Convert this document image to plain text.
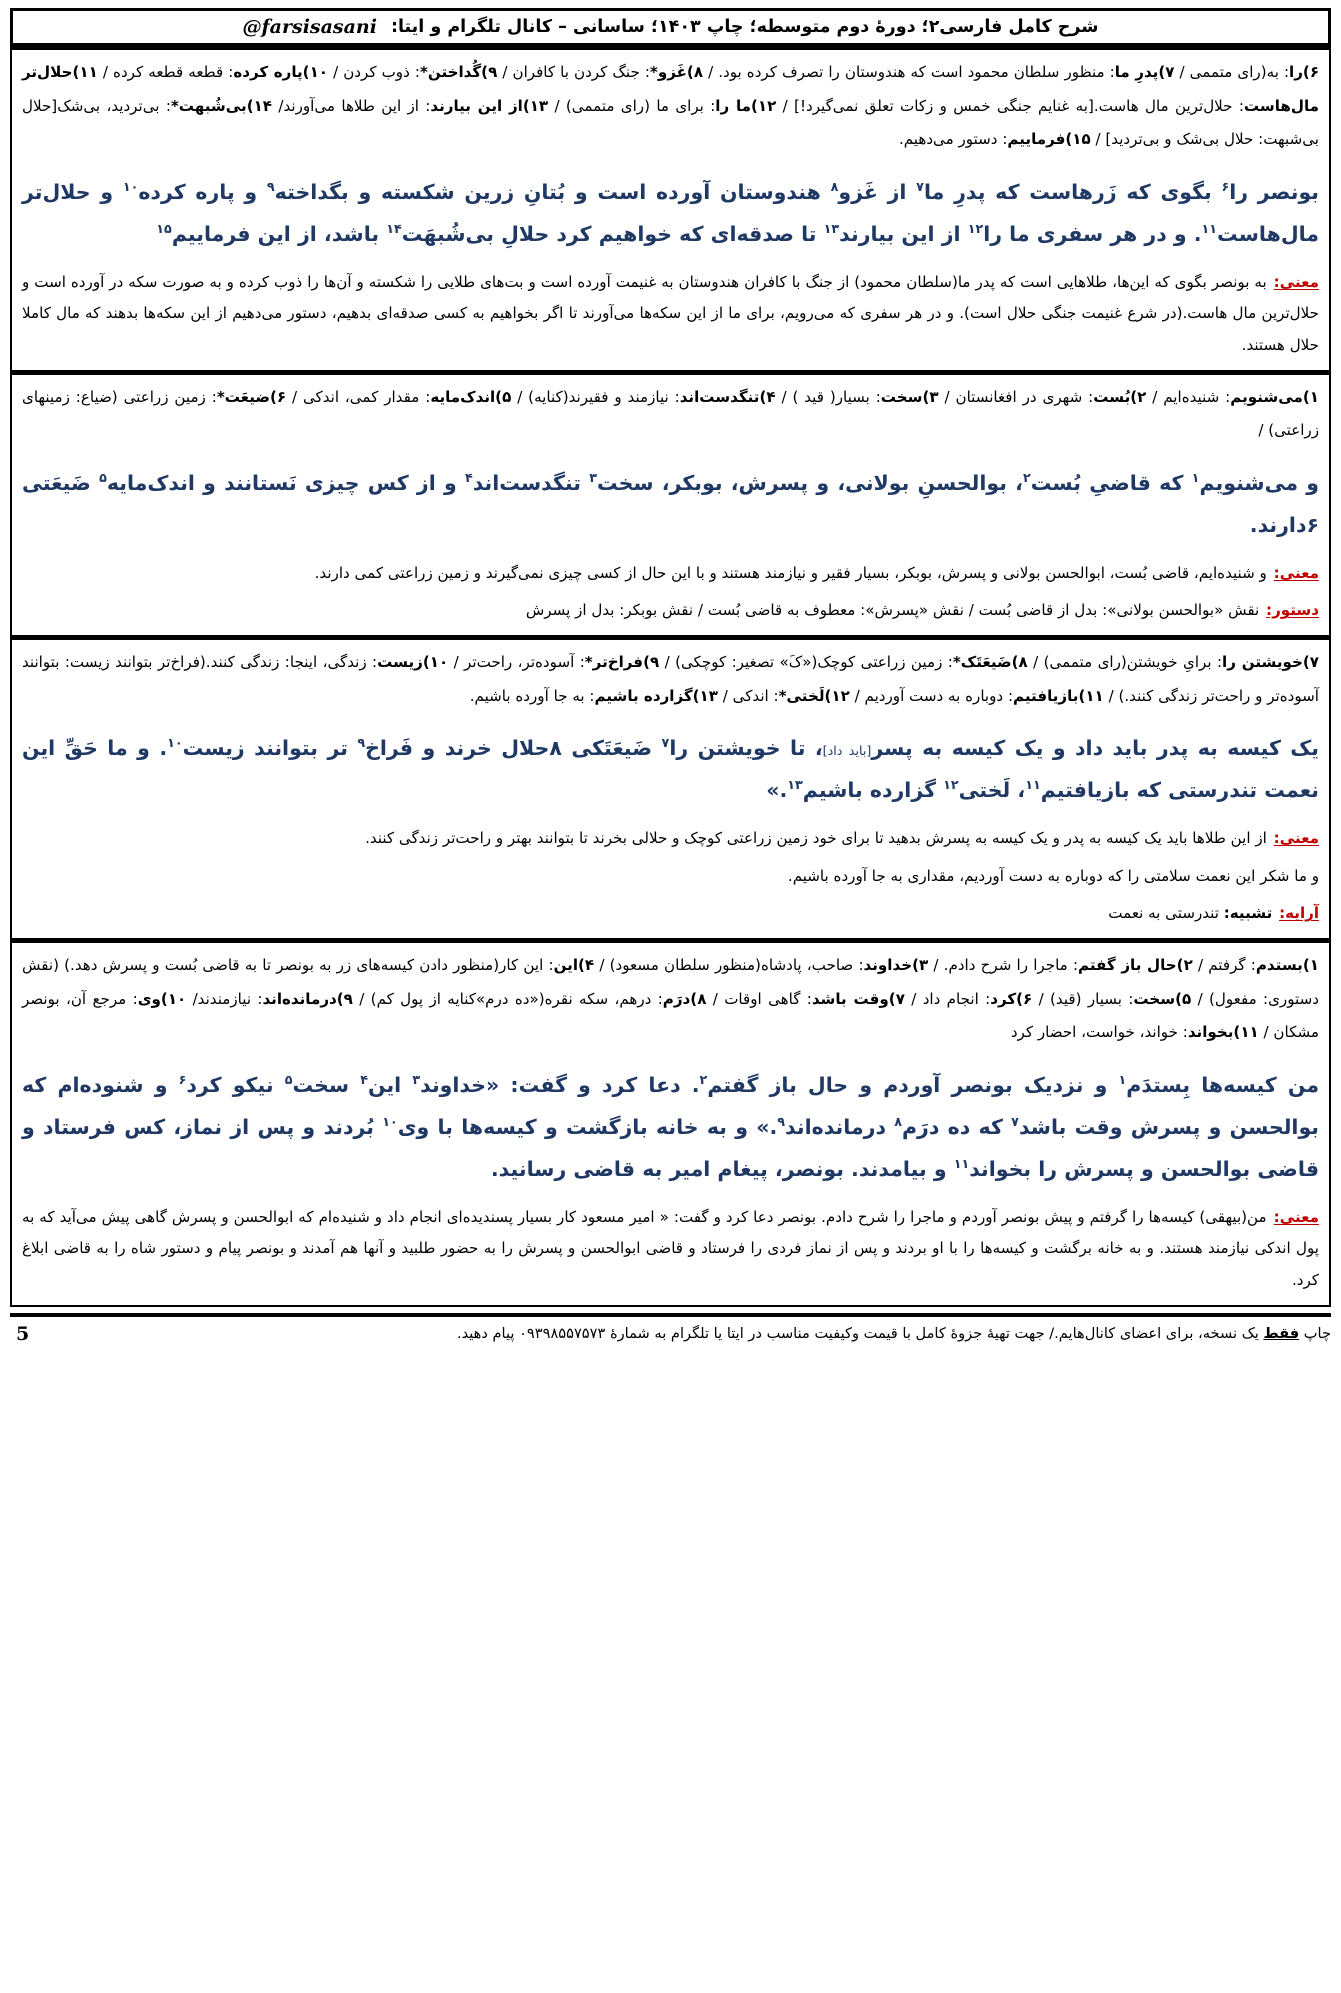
شرح کامل فارسی۲؛ دورهٔ دوم متوسطه؛ چاپ ۱۴۰۳؛ ساسانی – کانال تلگرام و ایتا:
@farsisasani
۶)را: به‌(رای متممی / ۷)پدرِ ما: منظور سلطان محمود است که هندوستان را تصرف کرده بود. / ۸)غَزو*: جنگ کردن با کافران / ۹)گُداختن*: ذوب کردن / ۱۰)پاره کرده: قطعه قطعه کرده / ۱۱)حلال‌تر مال‌هاست: حلال‌ترین مال هاست.[به غنایم جنگی خمس و زکات تعلق نمی‌گیرد!] / ۱۲)ما را: برای ما (رای متممی) / ۱۳)از این بیارند: از این طلاها می‌آورند/ ۱۴)بی‌شُبهت*: بی‌تردید، بی‌شک[حلال بی‌شبهت: حلال بی‌شک و بی‌تردید] / ۱۵)فرماییم: دستور می‌دهیم.
بونصر را$^۶$ بگوی که زَرهاست که پدرِ ما$^۷$ از غَزو$^۸$ هندوستان آورده است و بُتانِ زرین شکسته و بگداخته$^۹$ و پاره کرده$^{۱۰}$ و حلال‌تر مال‌هاست$^{۱۱}$. و در هر سفری ما را$^{۱۲}$ از این بیارند$^{۱۳}$ تا صدقه‌ای که خواهیم کرد حلالِ بی‌شُبهَت$^{۱۴}$ باشد، از این فرماییم$^{۱۵}$
معنی: به بونصر بگوی که این‌ها، طلاهایی است که پدر ما(سلطان محمود) از جنگ با کافران هندوستان به غنیمت آورده است و بت‌های طلایی را شکسته و آن‌ها را ذوب کرده و به صورت سکه در آورده است و حلال‌ترین مال هاست.(در شرع غنیمت جنگی حلال است). و در هر سفری که می‌رویم، برای ما از این سکه‌ها می‌آورند تا اگر بخواهیم به کسی صدقه‌ای بدهیم، دستور می‌دهیم از این سکه‌ها بدهند که مال کاملا حلال هستند.
۱)می‌شنویم: شنیده‌ایم / ۲)بُست: شهری در افغانستان / ۳)سخت: بسیار( قید ) / ۴)تنگدست‌اند: نیازمند و فقیرند(کنایه) / ۵)اندک‌مایه: مقدار کمی، اندکی / ۶)ضیعَت*: زمین زراعتی (ضیاع: زمینهای زراعتی) /
و می‌شنویم$^۱$ که قاضیِ بُست$^۲$، بوالحسنِ بولانی، و پسرش، بوبکر، سخت$^۳$ تنگدست‌اند$^۴$ و از کس چیزی نَستانند و اندک‌مایه$^۵$ ضَیعَتی ۶دارند.
معنی: و شنیده‌ایم، قاضی بُست، ابوالحسن بولانی و پسرش، بوبکر، بسیار فقیر و نیازمند هستند و با این حال از کسی چیزی نمی‌گیرند و زمین زراعتی کمی دارند.
دستور: نقش «بوالحسن بولانی»: بدل از قاضی بُست / نقش «پسرش»: معطوف به قاضی بُست / نقش بوبکر: بدل از پسرش
۷)خویشتن را: برایِ خویشتن(رای متممی) / ۸)ضَیعَتَک*: زمین زراعتی کوچک(«کَ» تصغیر: کوچکی) / ۹)فراخ‌تر*: آسوده‌تر، راحت‌تر / ۱۰)زیست: زندگی، اینجا: زندگی کنند.(فراخ‌تر بتوانند زیست: بتوانند آسوده‌تر و راحت‌تر زندگی کنند.) / ۱۱)بازیافتیم: دوباره به دست آوردیم / ۱۲)لَختی*: اندکی / ۱۳)گزارده باشیم: به جا آورده باشیم.
یک کیسه به پدر باید داد و یک کیسه به پسر[باید داد]، تا خویشتن را$^۷$ ضَیعَتَکی ۸حلال خرند و فَراخ$^۹$ تر بتوانند زیست$^{۱۰}$. و ما حَقِّ این نعمت تندرستی که بازیافتیم$^{۱۱}$، لَختی$^{۱۲}$ گزارده باشیم$^{۱۳}$.»
معنی: از این طلاها باید یک کیسه به پدر و یک کیسه به پسرش بدهید تا برای خود زمین زراعتی کوچک و حلالی بخرند تا بتوانند بهتر و راحت‌تر زندگی کنند.
و ما شکر این نعمت سلامتی را که دوباره به دست آوردیم، مقداری به جا آورده باشیم.
آرایه: تشبیه: تندرستی به نعمت
۱)بستدم: گرفتم / ۲)حال باز گفتم: ماجرا را شرح دادم. / ۳)خداوند: صاحب، پادشاه(منظور سلطان مسعود) / ۴)این: این کار(منظور دادن کیسه‌های زر به بونصر تا به قاضی بُست و پسرش دهد.) (نقش دستوری: مفعول) / ۵)سخت: بسیار (قید) / ۶)کرد: انجام داد / ۷)وقت باشد: گاهی اوقات / ۸)درَم: درهم، سکه نقره(«ده درم»کنایه از پول کم) / ۹)درمانده‌اند: نیازمندند/ ۱۰)وی: مرجع آن، بونصر مشکان / ۱۱)بخواند: خواند، خواست، احضار کرد
من کیسه‌ها بِستدَم$^۱$ و نزدیک بونصر آوردم و حال باز گفتم$^۲$. دعا کرد و گفت: «خداوند$^۳$ این$^۴$ سخت$^۵$ نیکو کرد$^۶$ و شنوده‌ام که بوالحسن و پسرش وقت باشد$^۷$ که ده درَم$^۸$ درمانده‌اند$^۹$.» و به خانه بازگشت و کیسه‌ها با وی$^{۱۰}$ بُردند و پس از نماز، کس فرستاد و قاضی بوالحسن و پسرش را بخواند$^{۱۱}$ و بیامدند. بونصر، پیغام امیر به قاضی رسانید.
معنی: من(بیهقی) کیسه‌ها را گرفتم و پیش بونصر آوردم و ماجرا را شرح دادم. بونصر دعا کرد و گفت: « امیر مسعود کار بسیار پسندیده‌ای انجام داد و شنیده‌ام که ابوالحسن و پسرش گاهی پیش می‌آید که به پول اندکی نیازمند هستند. و به خانه برگشت و کیسه‌ها را با او بردند و پس از نماز فردی را فرستاد و قاضی ابوالحسن و پسرش را به حضور طلبید و آنها هم آمدند و بونصر پیام و دستور شاه را به قاضی ابلاغ کرد.
چاپ فقط یک نسخه، برای اعضای کانال‌هایم./ جهت تهیهٔ جزوهٔ کامل با قیمت وکیفیت مناسب در ایتا یا تلگرام به شمارهٔ ۰۹۳۹۸۵۵۷۵۷۳ پیام دهید.
5
